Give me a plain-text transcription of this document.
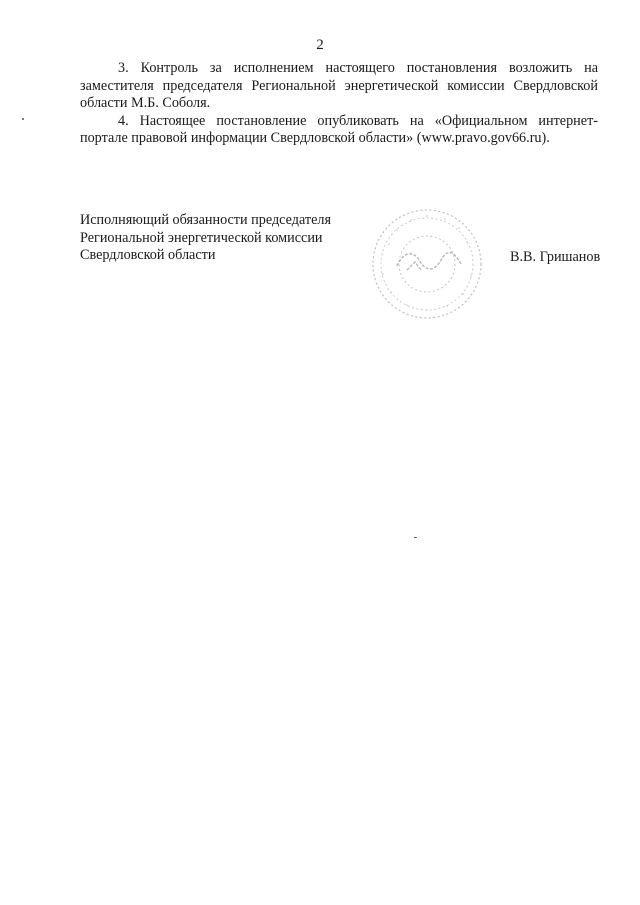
2

3. Контроль за исполнением настоящего постановления возложить на заместителя председателя Региональной энергетической комиссии Свердловской области М.Б. Соболя.

4. Настоящее постановление опубликовать на «Официальном интернет-портале правовой информации Свердловской области» (www.pravo.gov66.ru).

Исполняющий обязанности председателя
Региональной энергетической комиссии
Свердловской области	В.В. Гришанов
